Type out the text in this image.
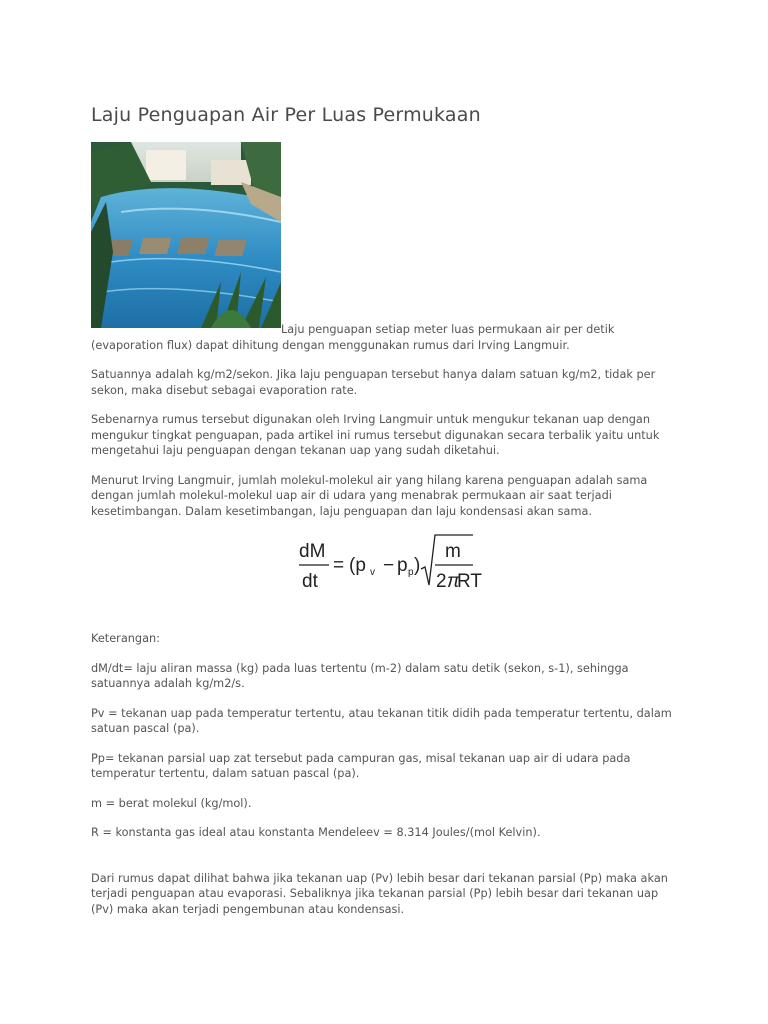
Laju Penguapan Air Per Luas Permukaan

Laju penguapan setiap meter luas permukaan air per detik (evaporation flux) dapat dihitung dengan menggunakan rumus dari Irving Langmuir.

Satuannya adalah kg/m2/sekon. Jika laju penguapan tersebut hanya dalam satuan kg/m2, tidak per sekon, maka disebut sebagai evaporation rate.

Sebenarnya rumus tersebut digunakan oleh Irving Langmuir untuk mengukur tekanan uap dengan mengukur tingkat penguapan, pada artikel ini rumus tersebut digunakan secara terbalik yaitu untuk mengetahui laju penguapan dengan tekanan uap yang sudah diketahui.

Menurut Irving Langmuir, jumlah molekul-molekul air yang hilang karena penguapan adalah sama dengan jumlah molekul-molekul uap air di udara yang menabrak permukaan air saat terjadi kesetimbangan. Dalam kesetimbangan, laju penguapan dan laju kondensasi akan sama.

dM
dt
= (p v − p p )
m
2 π
RT

Keterangan:

dM/dt= laju aliran massa (kg) pada luas tertentu (m-2) dalam satu detik (sekon, s-1), sehingga satuannya adalah kg/m2/s.

Pv = tekanan uap pada temperatur tertentu, atau tekanan titik didih pada temperatur tertentu, dalam satuan pascal (pa).

Pp= tekanan parsial uap zat tersebut pada campuran gas, misal tekanan uap air di udara pada temperatur tertentu, dalam satuan pascal (pa).

m = berat molekul (kg/mol).

R = konstanta gas ideal atau konstanta Mendeleev = 8.314 Joules/(mol Kelvin).

Dari rumus dapat dilihat bahwa jika tekanan uap (Pv) lebih besar dari tekanan parsial (Pp) maka akan terjadi penguapan atau evaporasi. Sebaliknya jika tekanan parsial (Pp) lebih besar dari tekanan uap (Pv) maka akan terjadi pengembunan atau kondensasi.
